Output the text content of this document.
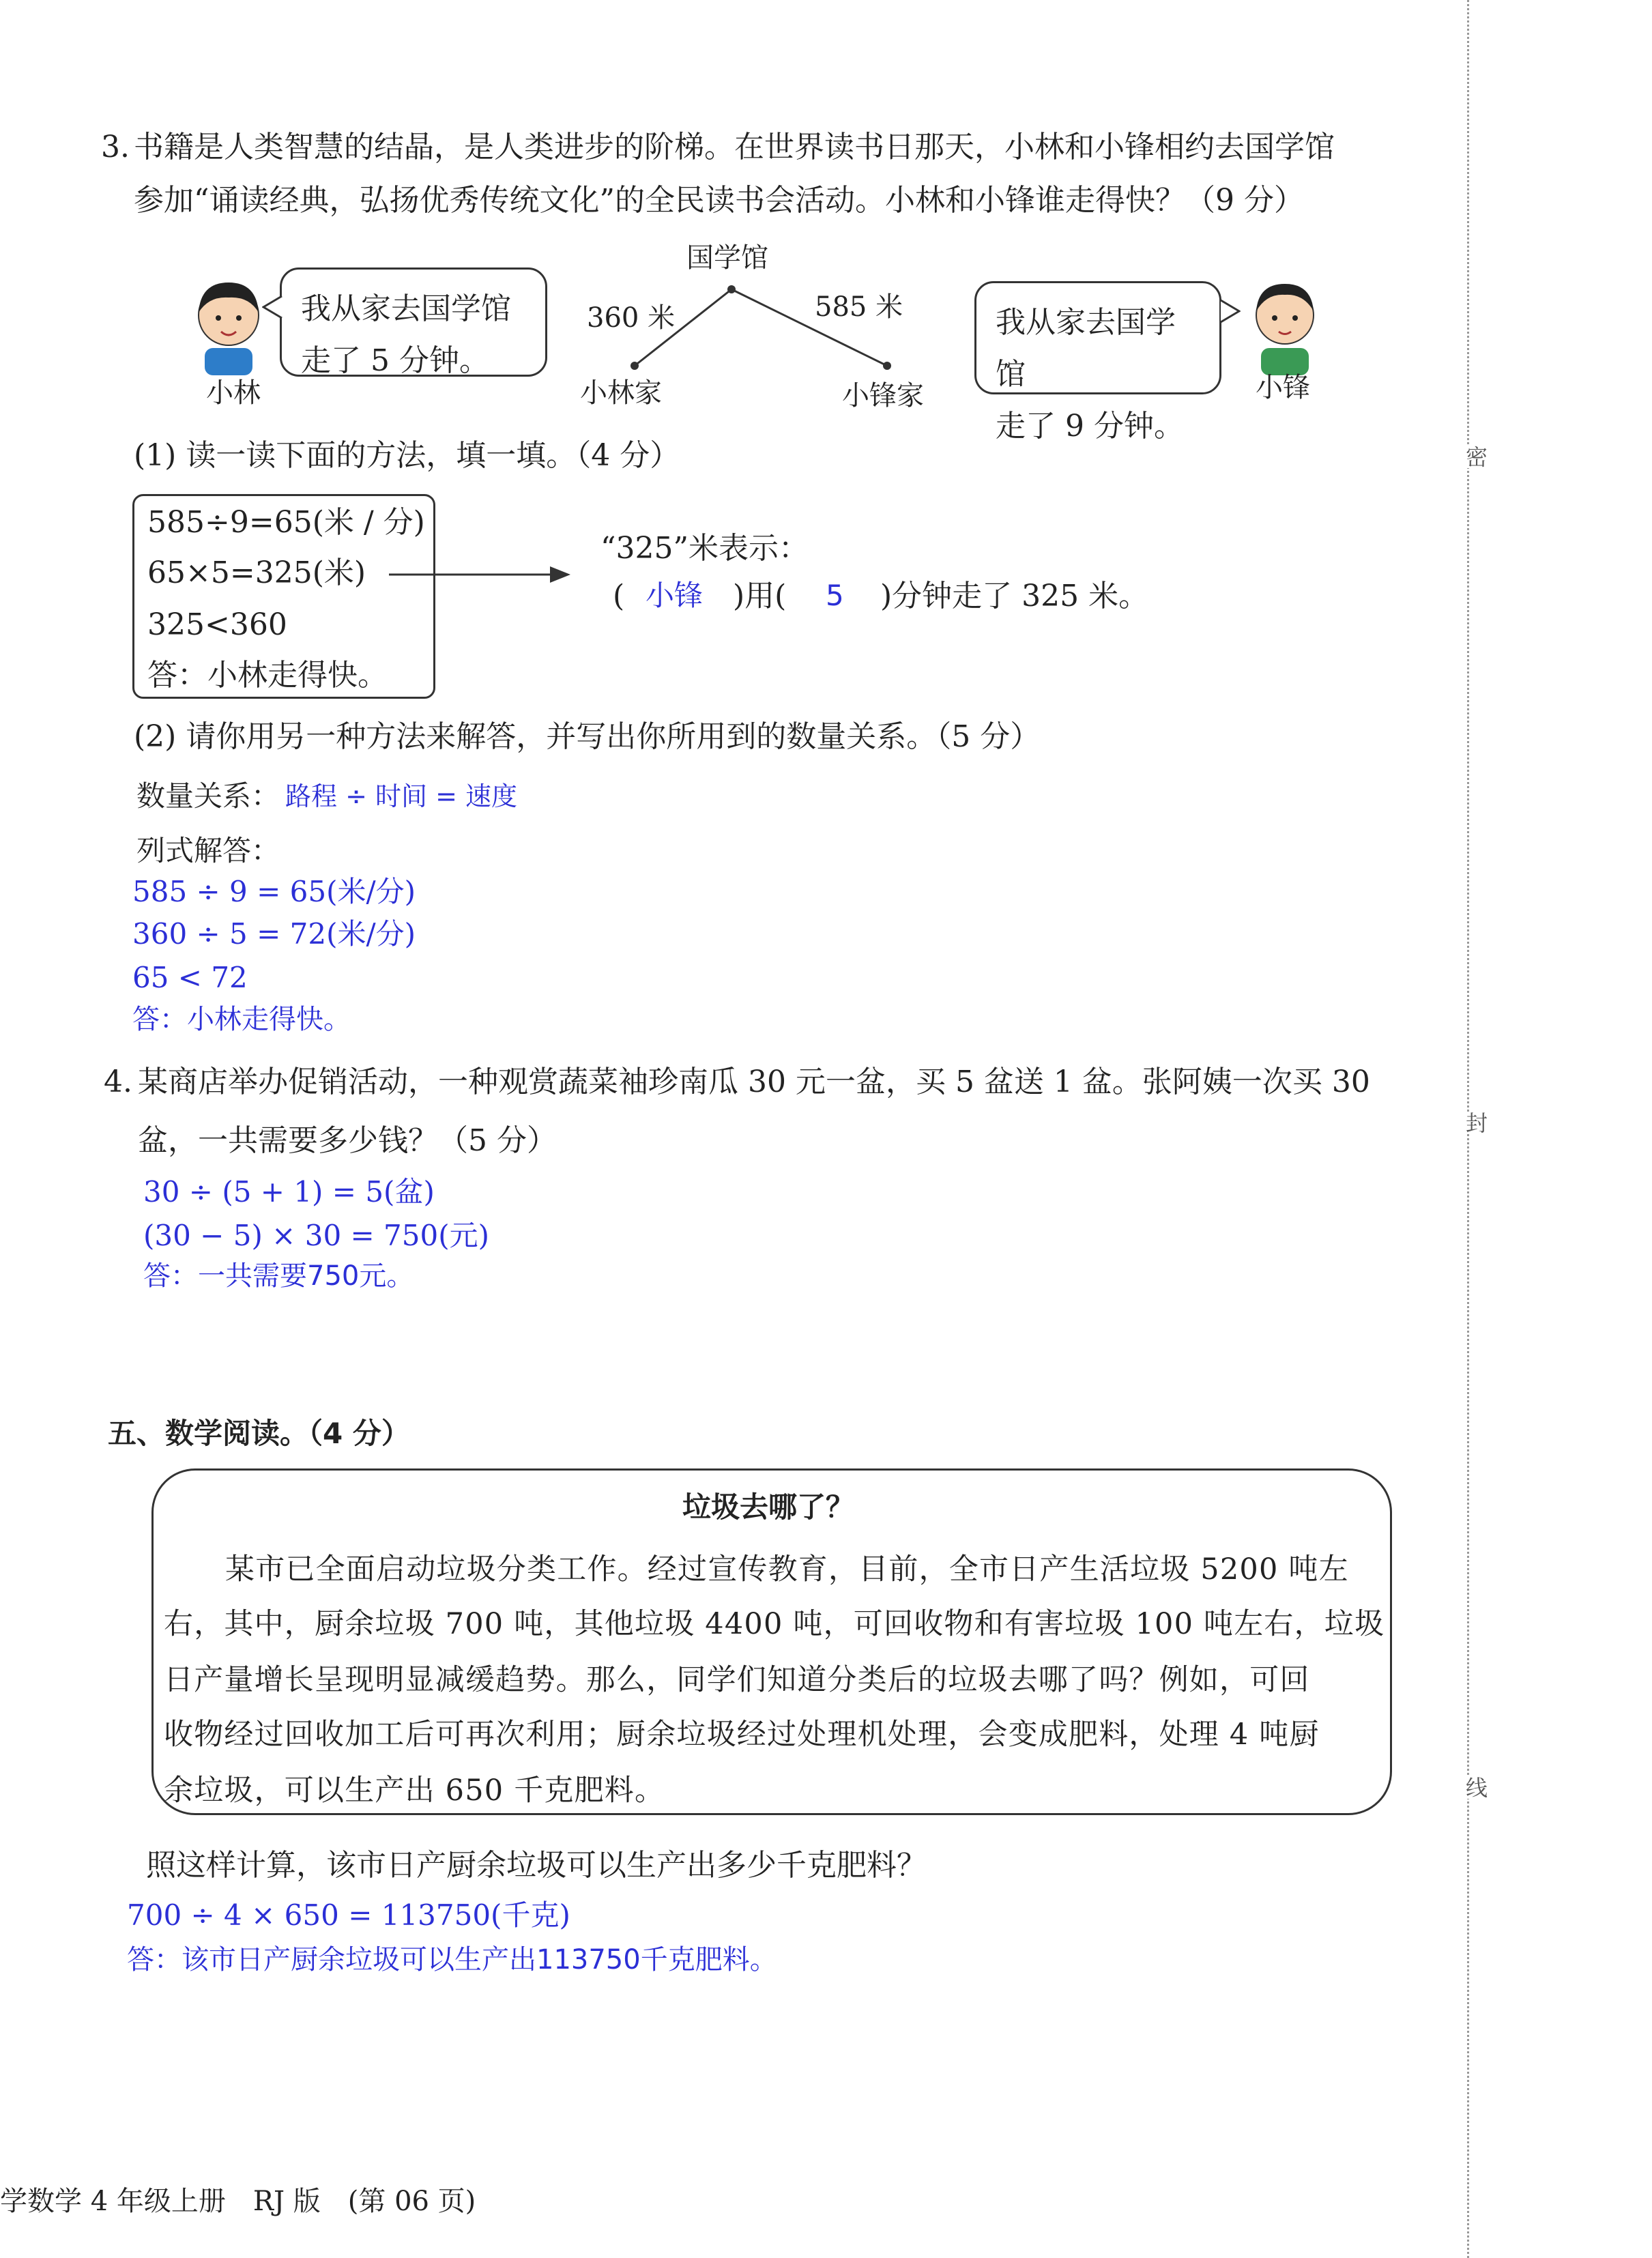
3. 书籍是人类智慧的结晶，是人类进步的阶梯。在世界读书日那天，小林和小锋相约去国学馆
参加“诵读经典，弘扬优秀传统文化”的全民读书会活动。小林和小锋谁走得快？（9 分）
小林
我从家去国学馆
走了 5 分钟。
国学馆
360 米	585 米
小林家	小锋家
我从家去国学馆
走了 9 分钟。
小锋
(1) 读一读下面的方法，填一填。（4 分）
585÷9=65(米 / 分)
65×5=325(米)
325<360
答：小林走得快。
“325”米表示：
( 小锋 )用( 5 )分钟走了 325 米。
(2) 请你用另一种方法来解答，并写出你所用到的数量关系。（5 分）
数量关系： 路程 ÷ 时间 = 速度
列式解答：
585 ÷ 9 = 65(米/分)
360 ÷ 5 = 72(米/分)
65 < 72
答：小林走得快。
4. 某商店举办促销活动，一种观赏蔬菜袖珍南瓜 30 元一盆，买 5 盆送 1 盆。张阿姨一次买 30
盆，一共需要多少钱？（5 分）
30 ÷ (5 + 1) = 5(盆)
(30 − 5) × 30 = 750(元)
答：一共需要750元。
五、数学阅读。（4 分）
垃圾去哪了？
某市已全面启动垃圾分类工作。经过宣传教育，目前，全市日产生活垃圾 5200 吨左
右，其中，厨余垃圾 700 吨，其他垃圾 4400 吨，可回收物和有害垃圾 100 吨左右，垃圾
日产量增长呈现明显减缓趋势。那么，同学们知道分类后的垃圾去哪了吗？例如，可回
收物经过回收加工后可再次利用；厨余垃圾经过处理机处理，会变成肥料，处理 4 吨厨
余垃圾，可以生产出 650 千克肥料。
照这样计算，该市日产厨余垃圾可以生产出多少千克肥料？
700 ÷ 4 × 650 = 113750(千克)
答：该市日产厨余垃圾可以生产出113750千克肥料。
学数学 4 年级上册　RJ 版　(第 06 页)
密
封
线
